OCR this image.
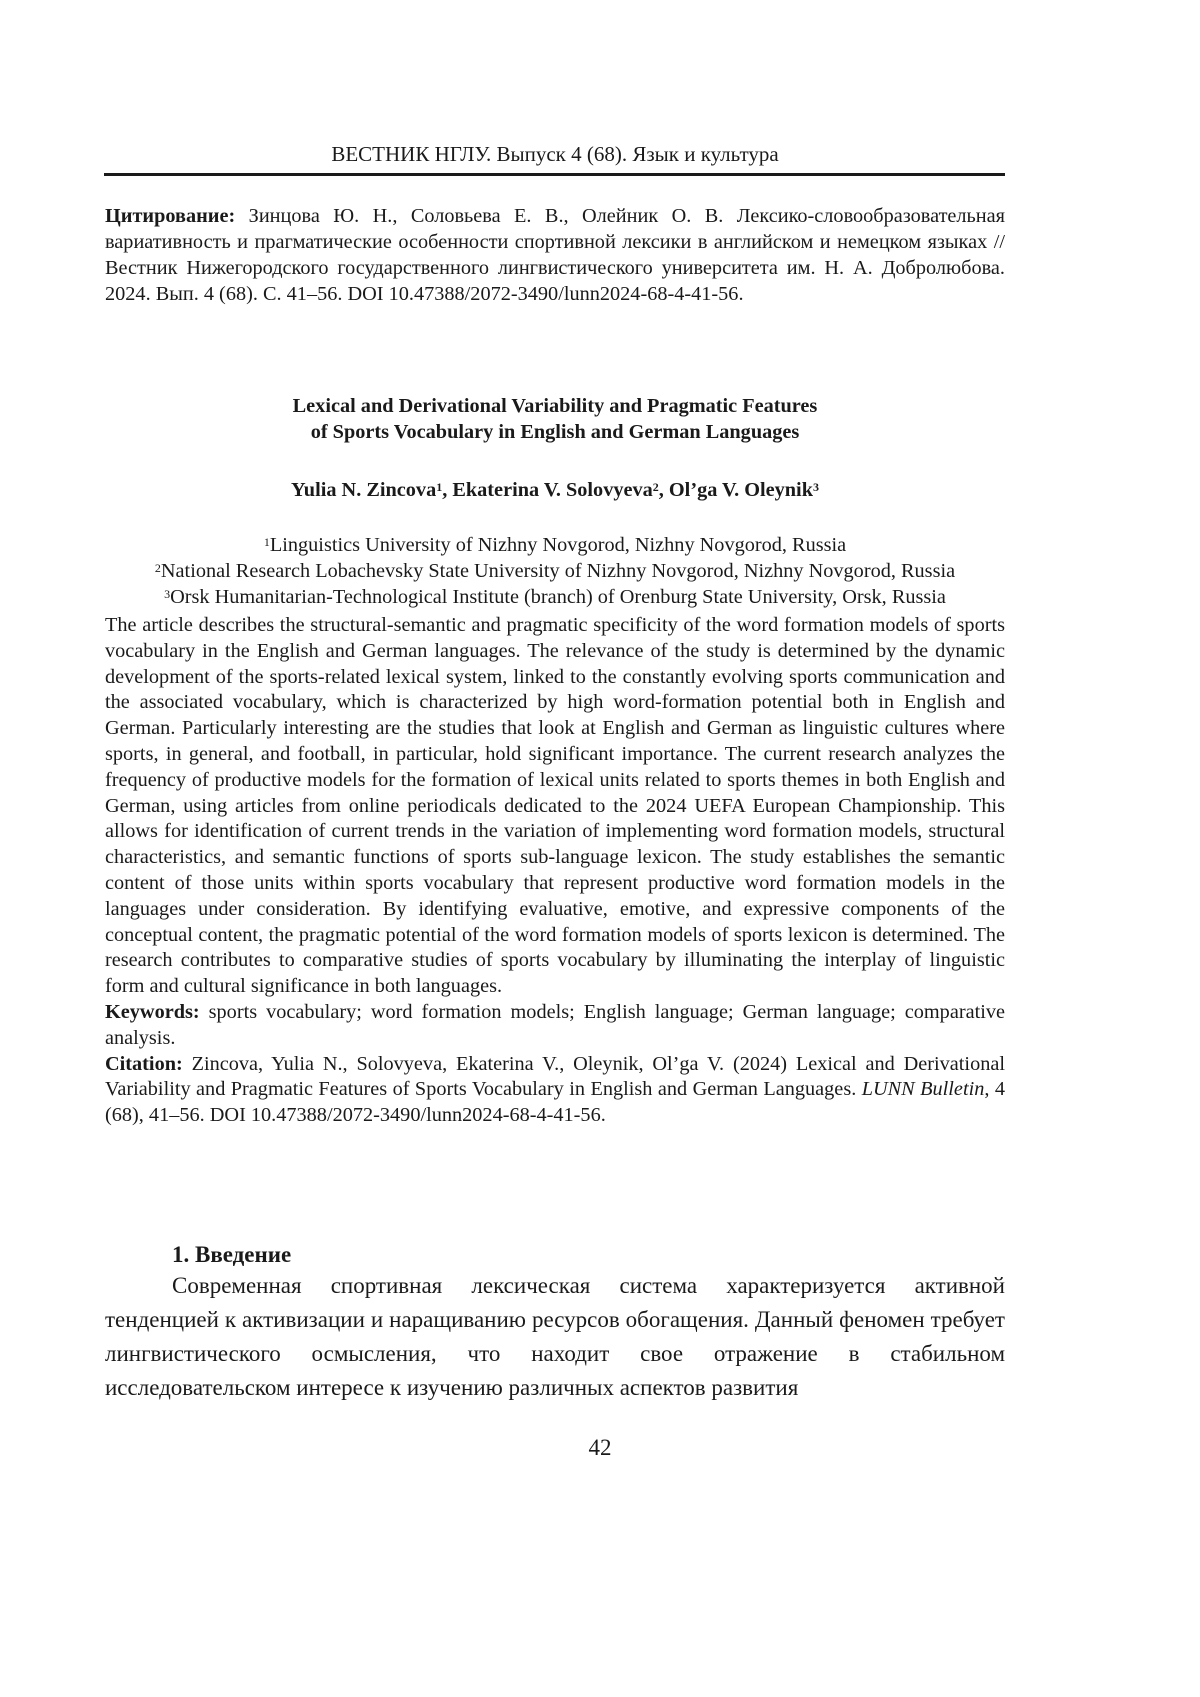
ВЕСТНИК НГЛУ. Выпуск 4 (68). Язык и культура
Цитирование: Зинцова Ю. Н., Соловьева Е. В., Олейник О. В. Лексико-словообразовательная вариативность и прагматические особенности спортивной лексики в английском и немецком языках // Вестник Нижегородского государственного лингвистического университета им. Н. А. Добролюбова. 2024. Вып. 4 (68). С. 41–56. DOI 10.47388/2072-3490/lunn2024-68-4-41-56.
Lexical and Derivational Variability and Pragmatic Features
of Sports Vocabulary in English and German Languages
Yulia N. Zincova$^1$, Ekaterina V. Solovyeva$^2$, Ol’ga V. Oleynik$^3$
$^1$Linguistics University of Nizhny Novgorod, Nizhny Novgorod, Russia
$^2$National Research Lobachevsky State University of Nizhny Novgorod, Nizhny Novgorod, Russia
$^3$Orsk Humanitarian-Technological Institute (branch) of Orenburg State University, Orsk, Russia

The article describes the structural-semantic and pragmatic specificity of the word formation models of sports vocabulary in the English and German languages. The relevance of the study is determined by the dynamic development of the sports-related lexical system, linked to the constantly evolving sports communication and the associated vocabulary, which is characterized by high word-formation potential both in English and German. Particularly interesting are the studies that look at English and German as linguistic cultures where sports, in general, and football, in particular, hold significant importance. The current research analyzes the frequency of productive models for the formation of lexical units related to sports themes in both English and German, using articles from online periodicals dedicated to the 2024 UEFA European Championship. This allows for identification of current trends in the variation of implementing word formation models, structural characteristics, and semantic functions of sports sub-language lexicon. The study establishes the semantic content of those units within sports vocabulary that represent productive word formation models in the languages under consideration. By identifying evaluative, emotive, and expressive components of the conceptual content, the pragmatic potential of the word formation models of sports lexicon is determined. The research contributes to comparative studies of sports vocabulary by illuminating the interplay of linguistic form and cultural significance in both languages.

Keywords: sports vocabulary; word formation models; English language; German language; comparative analysis.

Citation: Zincova, Yulia N., Solovyeva, Ekaterina V., Oleynik, Ol’ga V. (2024) Lexical and Derivational Variability and Pragmatic Features of Sports Vocabulary in English and German Languages. LUNN Bulletin, 4 (68), 41–56. DOI 10.47388/2072-3490/lunn2024-68-4-41-56.

1. Введение
Современная спортивная лексическая система характеризуется активной тенденцией к активизации и наращиванию ресурсов обогащения. Данный феномен требует лингвистического осмысления, что находит свое отражение в стабильном исследовательском интересе к изучению различных аспектов развития
42
